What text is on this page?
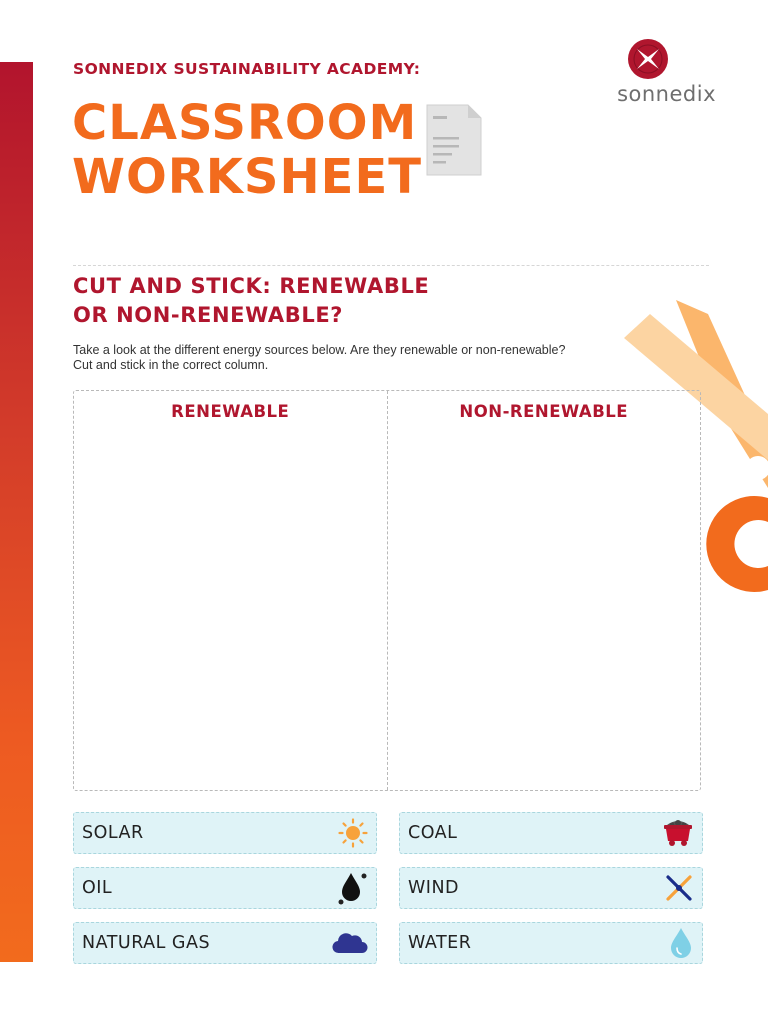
SONNEDIX SUSTAINABILITY ACADEMY:
CLASSROOM
WORKSHEET
sonnedix
CUT AND STICK: RENEWABLE
OR NON-RENEWABLE?

Take a look at the different energy sources below. Are they renewable or non-renewable?
Cut and stick in the correct column.

RENEWABLE	NON-RENEWABLE
SOLAR	COAL
OIL	WIND
NATURAL GAS	WATER
